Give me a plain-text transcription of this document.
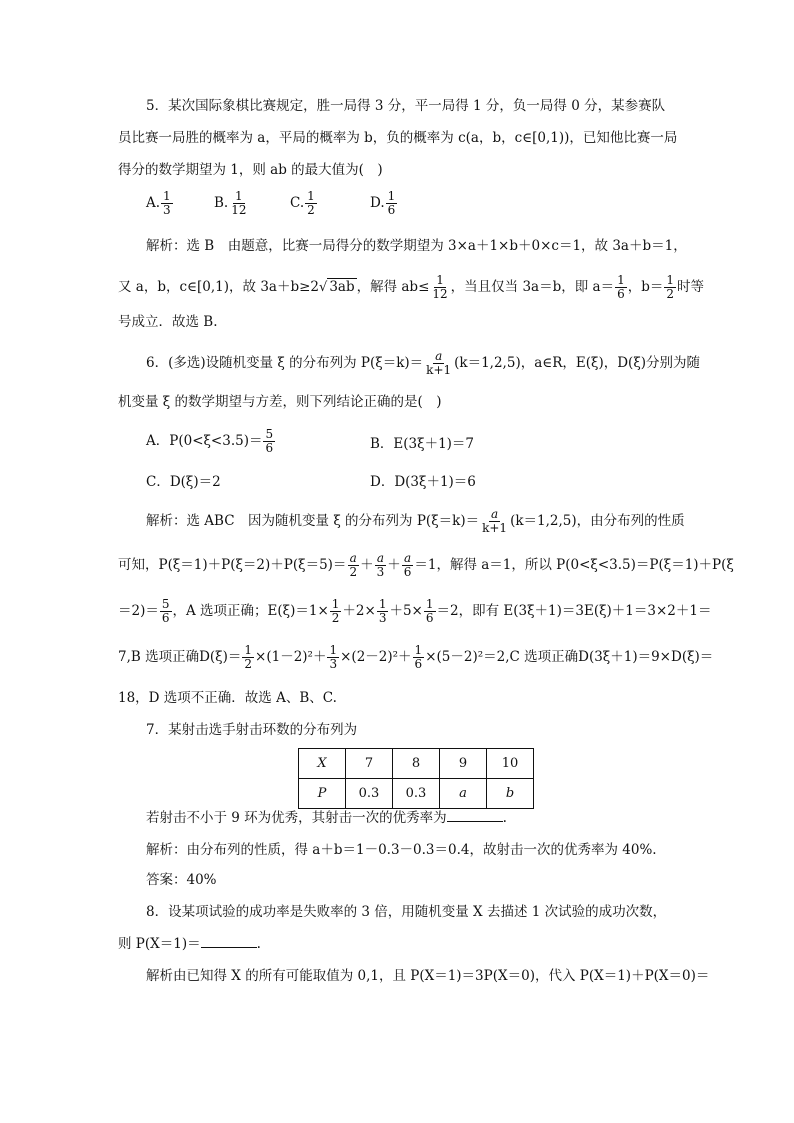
5．某次国际象棋比赛规定，胜一局得 3 分，平一局得 1 分，负一局得 0 分，某参赛队
员比赛一局胜的概率为 a，平局的概率为 b，负的概率为 c(a，b，c∈[0,1))，已知他比赛一局
得分的数学期望为 1，则 ab 的最大值为(　)
A. $\frac{1}{3}$	B. $\frac{1}{12}$	C. $\frac{1}{2}$	D. $\frac{1}{6}$
解析：选 B　由题意，比赛一局得分的数学期望为 3×a＋1×b＋0×c＝1，故 3a＋b＝1，
又 a，b，c∈[0,1)，故 3a＋b≥2√ 3ab ，解得 $ab\le \frac{1}{12}$ ，当且仅当 3a＝b，即 $a= \frac{1}{6}$ ，$b= \frac{1}{2}$ 时等
号成立．故选 B.
6．(多选)设随机变量 ξ 的分布列为 $P(\xi=k)= \frac{a}{k+1} (k=1,2,5)$，a∈R，E(ξ)，D(ξ)分别为随
机变量 ξ 的数学期望与方差，则下列结论正确的是(　)
A．$P(0<\xi<3.5)= \frac{5}{6}$	B．E(3ξ＋1)＝7
C．D(ξ)＝2	D．D(3ξ＋1)＝6
解析：选 ABC　因为随机变量 ξ 的分布列为 $P(\xi=k)= \frac{a}{k+1} (k=1,2,5)$，由分布列的性质
可知，$P(\xi=1)+P(\xi=2)+P(\xi=5)= \frac{a}{2} + \frac{a}{3} + \frac{a}{6} =1$，解得 a＝1，所以 P(0<ξ<3.5)＝P(ξ＝1)＋P(ξ
$=2)= \frac{5}{6}$ ，A 选项正确；$E(\xi)=1\times \frac{1}{2} +2\times \frac{1}{3} +5\times \frac{1}{6} =2$，即有 E(3ξ＋1)＝3E(ξ)＋1＝3×2＋1＝
7,B 选项正确$D(\xi)= \frac{1}{2} \times(1-2)^2+ \frac{1}{3} \times(2-2)^2+ \frac{1}{6} \times(5-2)^2=2,C$ 选项正确D(3ξ＋1)＝9×D(ξ)＝
18，D 选项不正确．故选 A、B、C.
7．某射击选手射击环数的分布列为
X	7	8	9	10
P	0.3	0.3	a	b
若射击不小于 9 环为优秀，其射击一次的优秀率为	.
解析：由分布列的性质，得 a＋b＝1－0.3－0.3＝0.4，故射击一次的优秀率为 40%.
答案：40%
8．设某项试验的成功率是失败率的 3 倍，用随机变量 X 去描述 1 次试验的成功次数，
则 P(X＝1)＝	.
解析由已知得 X 的所有可能取值为 0,1，且 P(X＝1)＝3P(X＝0)，代入 P(X＝1)＋P(X＝0)＝
